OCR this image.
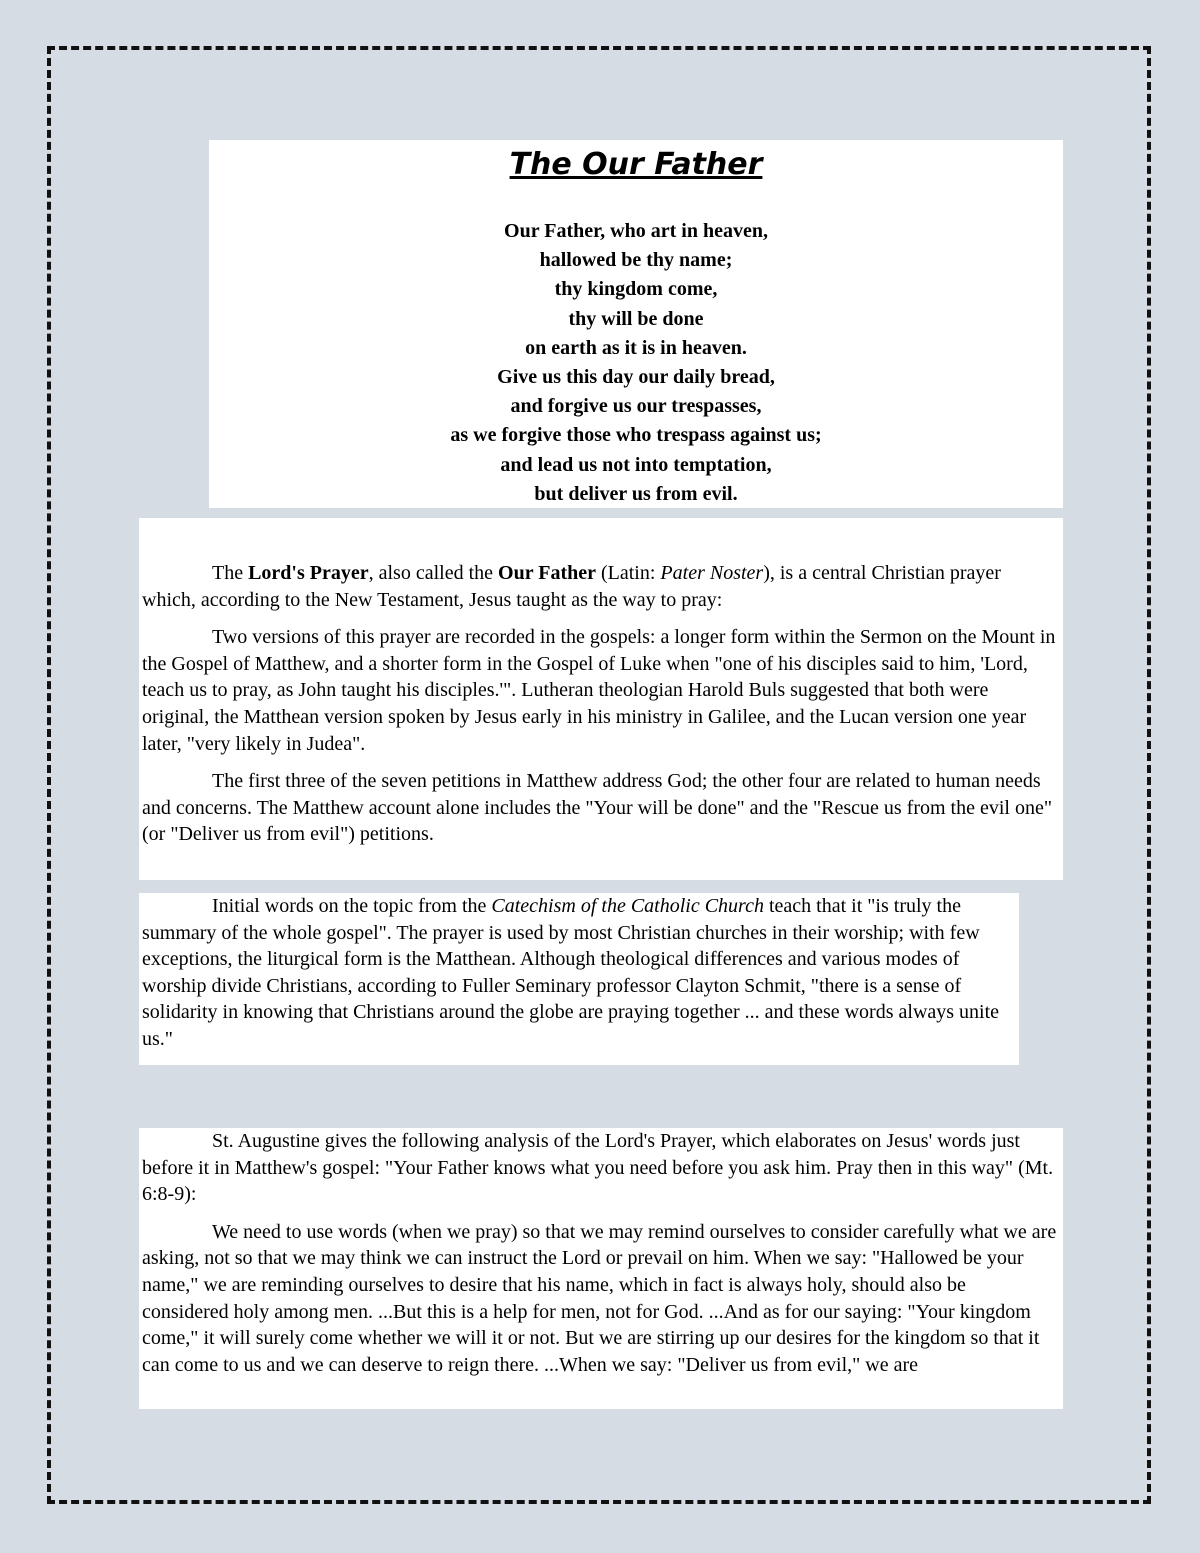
The Our Father
Our Father, who art in heaven,
hallowed be thy name;
thy kingdom come,
thy will be done
on earth as it is in heaven.
Give us this day our daily bread,
and forgive us our trespasses,
as we forgive those who trespass against us;
and lead us not into temptation,
but deliver us from evil.

The Lord's Prayer, also called the Our Father (Latin: Pater Noster), is a central Christian prayer which, according to the New Testament, Jesus taught as the way to pray:

Two versions of this prayer are recorded in the gospels: a longer form within the Sermon on the Mount in the Gospel of Matthew, and a shorter form in the Gospel of Luke when "one of his disciples said to him, 'Lord, teach us to pray, as John taught his disciples.'". Lutheran theologian Harold Buls suggested that both were original, the Matthean version spoken by Jesus early in his ministry in Galilee, and the Lucan version one year later, "very likely in Judea".

The first three of the seven petitions in Matthew address God; the other four are related to human needs and concerns. The Matthew account alone includes the "Your will be done" and the "Rescue us from the evil one" (or "Deliver us from evil") petitions.

Initial words on the topic from the Catechism of the Catholic Church teach that it "is truly the summary of the whole gospel". The prayer is used by most Christian churches in their worship; with few exceptions, the liturgical form is the Matthean. Although theological differences and various modes of worship divide Christians, according to Fuller Seminary professor Clayton Schmit, "there is a sense of solidarity in knowing that Christians around the globe are praying together ... and these words always unite us."

St. Augustine gives the following analysis of the Lord's Prayer, which elaborates on Jesus' words just before it in Matthew's gospel: "Your Father knows what you need before you ask him. Pray then in this way" (Mt. 6:8-9):

We need to use words (when we pray) so that we may remind ourselves to consider carefully what we are asking, not so that we may think we can instruct the Lord or prevail on him. When we say: "Hallowed be your name," we are reminding ourselves to desire that his name, which in fact is always holy, should also be considered holy among men. ...But this is a help for men, not for God. ...And as for our saying: "Your kingdom come," it will surely come whether we will it or not. But we are stirring up our desires for the kingdom so that it can come to us and we can deserve to reign there. ...When we say: "Deliver us from evil," we are
